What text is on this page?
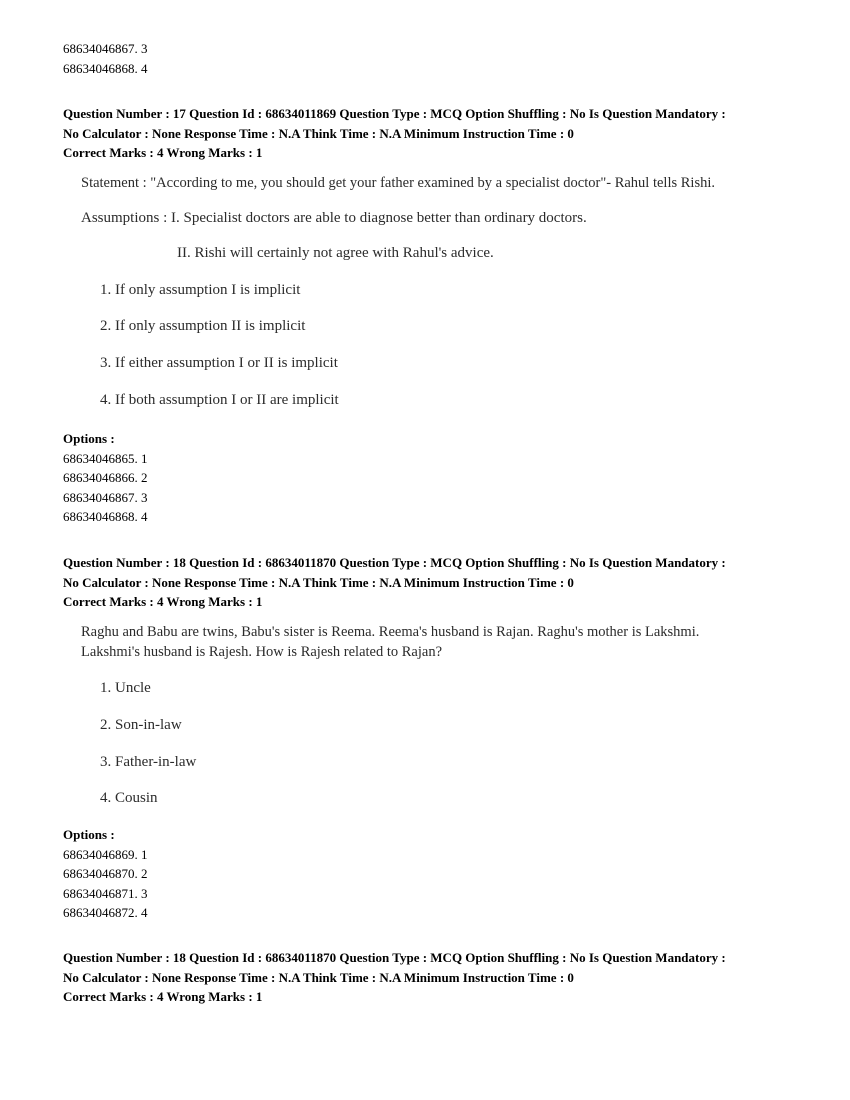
68634046867. 3
68634046868. 4
Question Number : 17 Question Id : 68634011869 Question Type : MCQ Option Shuffling : No Is Question Mandatory :
No Calculator : None Response Time : N.A Think Time : N.A Minimum Instruction Time : 0
Correct Marks : 4 Wrong Marks : 1
Statement : "According to me, you should get your father examined by a specialist doctor"- Rahul tells Rishi.
Assumptions : I. Specialist doctors are able to diagnose better than ordinary doctors.
II. Rishi will certainly not agree with Rahul's advice.
1. If only assumption I is implicit
2. If only assumption II is implicit
3. If either assumption I or II is implicit
4. If both assumption I or II are implicit
Options :
68634046865. 1
68634046866. 2
68634046867. 3
68634046868. 4
Question Number : 18 Question Id : 68634011870 Question Type : MCQ Option Shuffling : No Is Question Mandatory :
No Calculator : None Response Time : N.A Think Time : N.A Minimum Instruction Time : 0
Correct Marks : 4 Wrong Marks : 1
Raghu and Babu are twins, Babu's sister is Reema. Reema's husband is Rajan. Raghu's mother is Lakshmi.
Lakshmi's husband is Rajesh. How is Rajesh related to Rajan?
1. Uncle
2. Son-in-law
3. Father-in-law
4. Cousin
Options :
68634046869. 1
68634046870. 2
68634046871. 3
68634046872. 4
Question Number : 18 Question Id : 68634011870 Question Type : MCQ Option Shuffling : No Is Question Mandatory :
No Calculator : None Response Time : N.A Think Time : N.A Minimum Instruction Time : 0
Correct Marks : 4 Wrong Marks : 1
